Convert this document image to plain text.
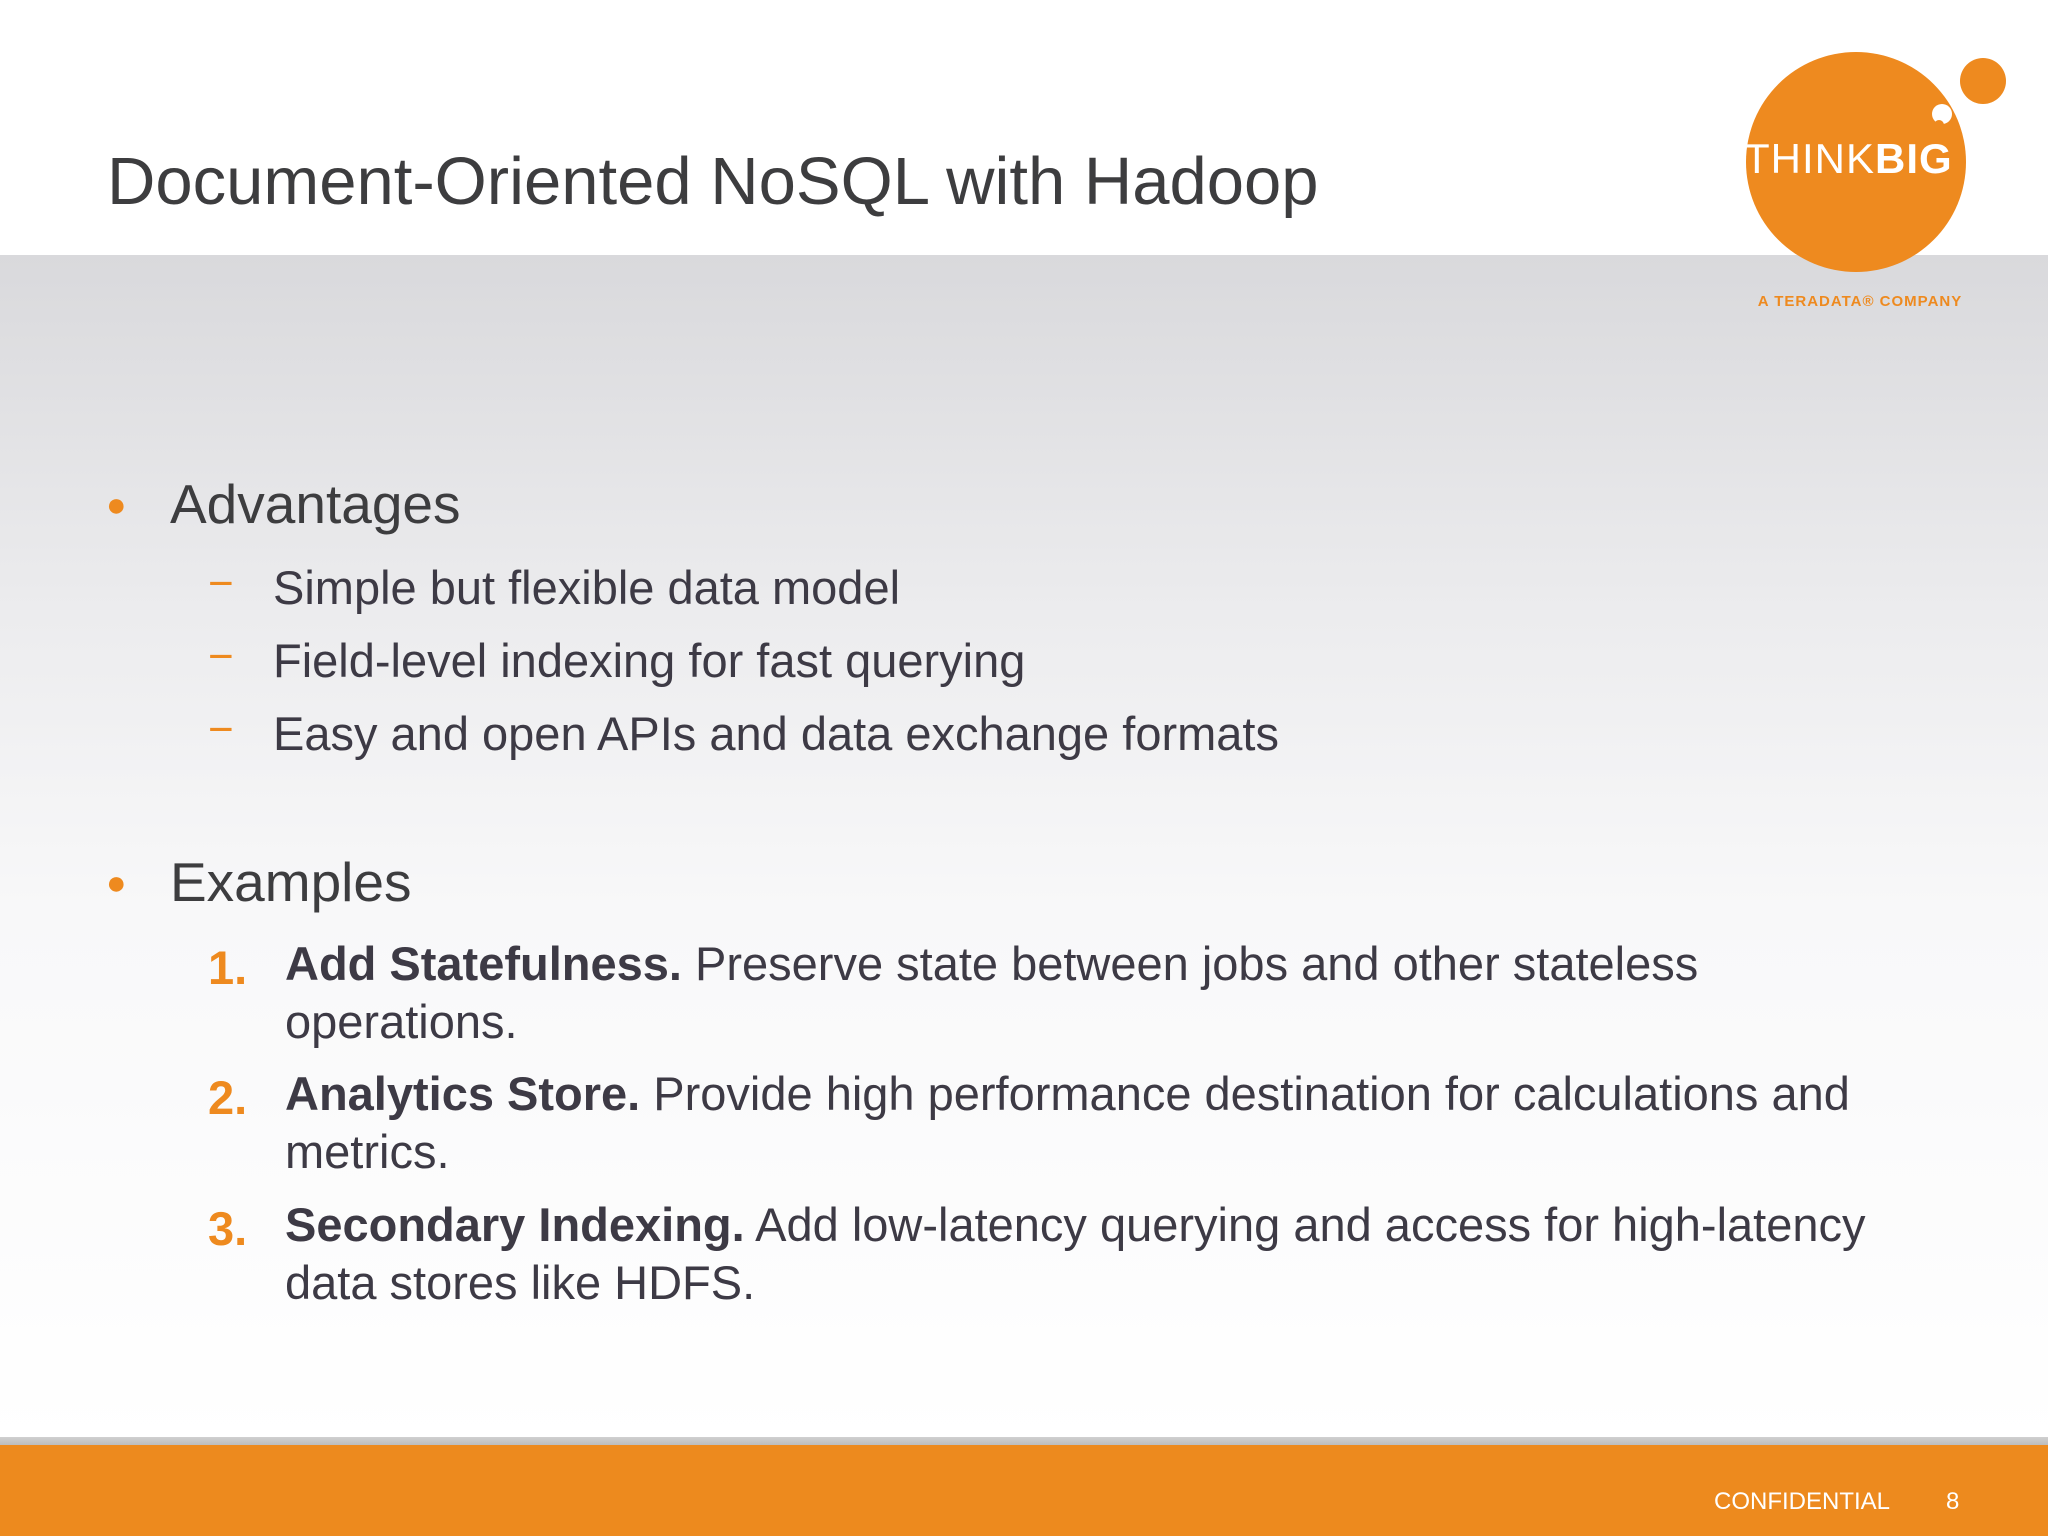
Document-Oriented NoSQL with Hadoop	THINKBIG
A TERADATA® COMPANY
● Advantages
− Simple but flexible data model
− Field-level indexing for fast querying
− Easy and open APIs and data exchange formats
● Examples
1. Add Statefulness. Preserve state between jobs and other stateless operations.
2. Analytics Store. Provide high performance destination for calculations and metrics.
3. Secondary Indexing. Add low-latency querying and access for high-latency data stores like HDFS.
CONFIDENTIAL 8
